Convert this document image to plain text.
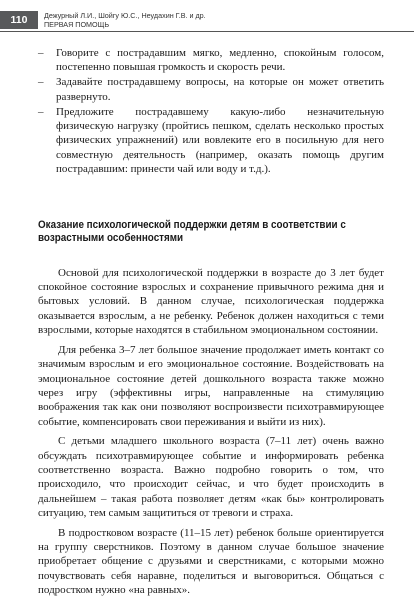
110	Дежурный Л.И., Шойгу Ю.С., Неудахин Г.В. и др.
ПЕРВАЯ ПОМОЩЬ
– Говорите с пострадавшим мягко, медленно, спокойным голосом, постепенно повышая громкость и скорость речи.
– Задавайте пострадавшему вопросы, на которые он может ответить развернуто.
– Предложите пострадавшему какую-либо незначительную физическую нагрузку (пройтись пешком, сделать несколько простых физических упражнений) или вовлеките его в посильную для него совместную деятельность (например, оказать помощь другим пострадавшим: принести чай или воду и т.д.).
Оказание психологической поддержки детям в соответствии с возрастными особенностями

Основой для психологической поддержки в возрасте до 3 лет будет спокойное состояние взрослых и сохранение привычного режима дня и бытовых условий. В данном случае, психологическая поддержка оказывается взрослым, а не ребенку. Ребенок должен находиться с теми взрослыми, которые находятся в стабильном эмоциональном состоянии.

Для ребенка 3–7 лет большое значение продолжает иметь контакт со значимым взрослым и его эмоциональное состояние. Воздействовать на эмоциональное состояние детей дошкольного возраста также можно через игру (эффективны игры, направленные на стимуляцию воображения так как они позволяют воспроизвести психотравмирующее событие, компенсировать свои переживания и выйти из них).

С детьми младшего школьного возраста (7–11 лет) очень важно обсуждать психотравмирующее событие и информировать ребенка соответственно возраста. Важно подробно говорить о том, что происходило, что происходит сейчас, и что будет происходить в дальнейшем – такая работа позволяет детям «как бы» контролировать ситуацию, тем самым защититься от тревоги и страха.

В подростковом возрасте (11–15 лет) ребенок больше ориентируется на группу сверстников. Поэтому в данном случае большое значение приобретает общение с друзьями и сверстниками, с которыми можно почувствовать себя наравне, поделиться и выговориться. Общаться с подростком нужно «на равных».
